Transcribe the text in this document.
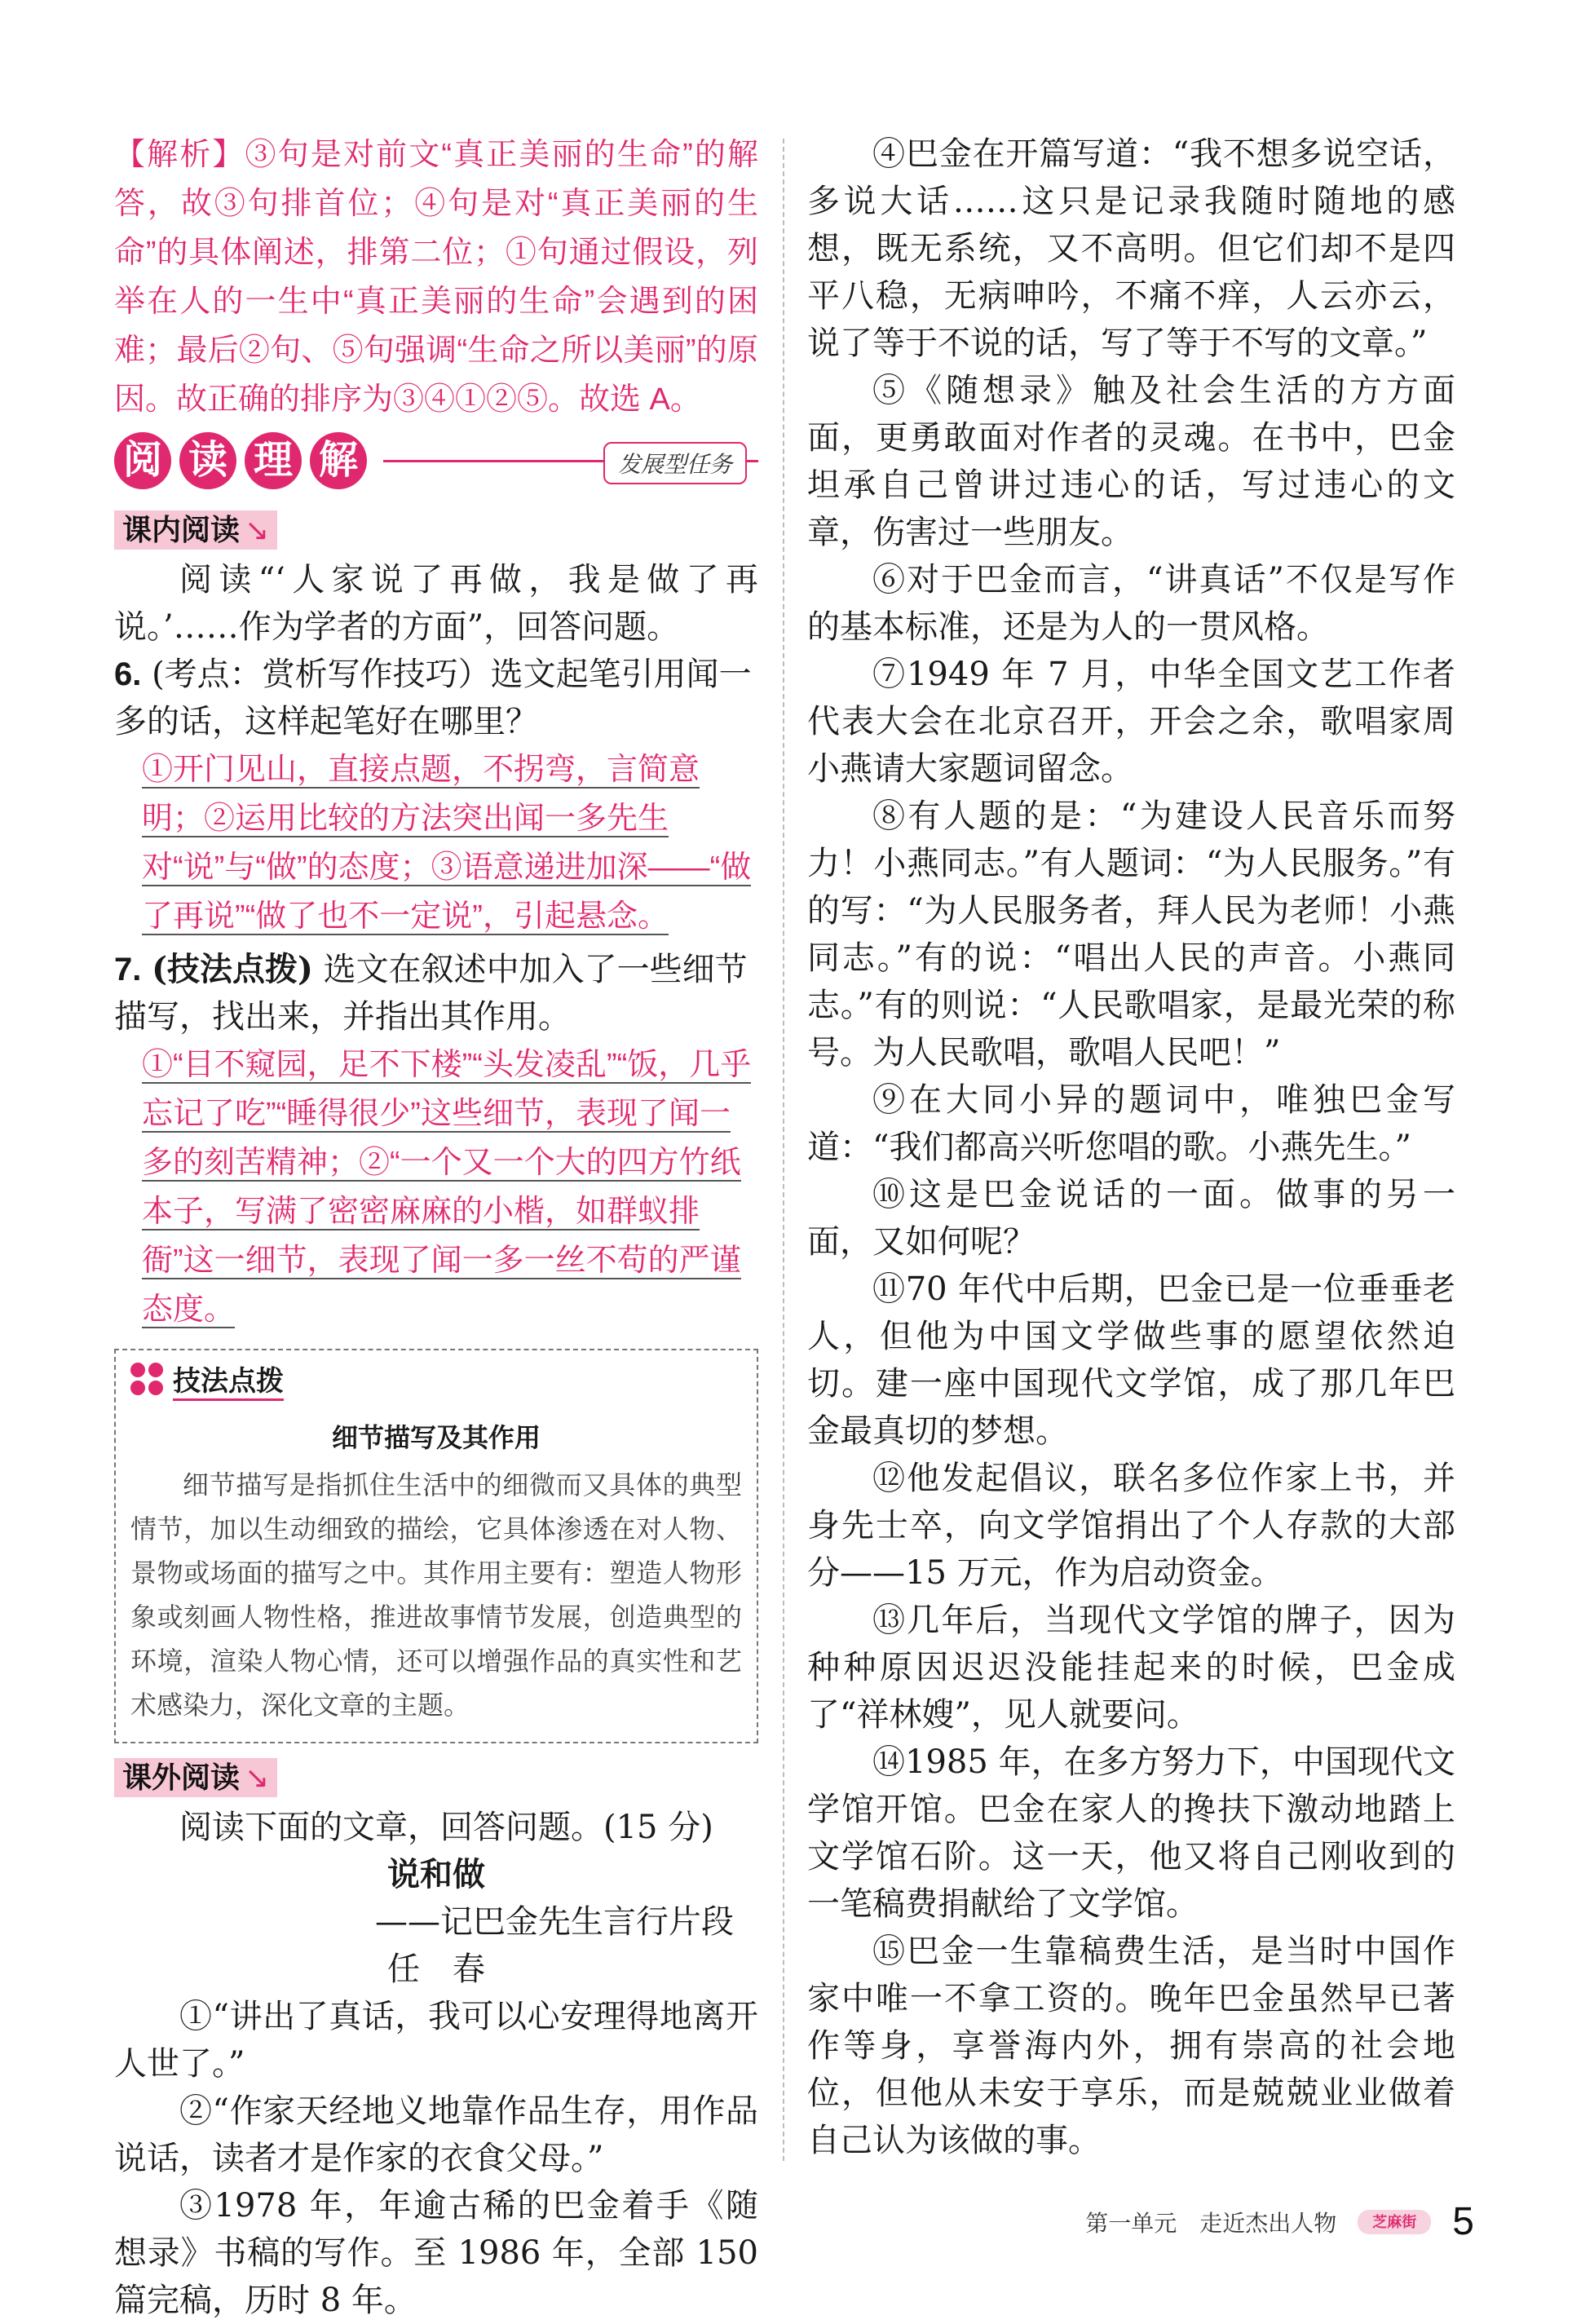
【解析】③句是对前文“真正美丽的生命”的解答，故③句排首位；④句是对“真正美丽的生命”的具体阐述，排第二位；①句通过假设，列举在人的一生中“真正美丽的生命”会遇到的困难；最后②句、⑤句强调“生命之所以美丽”的原因。故正确的排序为③④①②⑤。故选 A。

阅 读 理 解	发展型任务
课内阅读 ↘

阅读“‘人家说了再做，我是做了再说。’……作为学者的方面”，回答问题。

6. (考点：赏析写作技巧）选文起笔引用闻一多的话，这样起笔好在哪里？

①开门见山，直接点题，不拐弯，言简意明；②运用比较的方法突出闻一多先生对“说”与“做”的态度；③语意递进加深——“做了再说”“做了也不一定说”，引起悬念。

7. (技法点拨) 选文在叙述中加入了一些细节描写，找出来，并指出其作用。

①“目不窥园，足不下楼”“头发凌乱”“饭，几乎忘记了吃”“睡得很少”这些细节，表现了闻一多的刻苦精神；②“一个又一个大的四方竹纸本子，写满了密密麻麻的小楷，如群蚁排衙”这一细节，表现了闻一多一丝不苟的严谨态度。

技法点拨
细节描写及其作用

细节描写是指抓住生活中的细微而又具体的典型情节，加以生动细致的描绘，它具体渗透在对人物、景物或场面的描写之中。其作用主要有：塑造人物形象或刻画人物性格，推进故事情节发展，创造典型的环境，渲染人物心情，还可以增强作品的真实性和艺术感染力，深化文章的主题。

课外阅读 ↘

阅读下面的文章，回答问题。(15 分)

说和做
——记巴金先生言行片段
任　春

①“讲出了真话，我可以心安理得地离开人世了。”

②“作家天经地义地靠作品生存，用作品说话，读者才是作家的衣食父母。”

③1978 年，年逾古稀的巴金着手《随想录》书稿的写作。至 1986 年，全部 150 篇完稿，历时 8 年。

④巴金在开篇写道：“我不想多说空话，多说大话……这只是记录我随时随地的感想，既无系统，又不高明。但它们却不是四平八稳，无病呻吟，不痛不痒，人云亦云，说了等于不说的话，写了等于不写的文章。”

⑤《随想录》触及社会生活的方方面面，更勇敢面对作者的灵魂。在书中，巴金坦承自己曾讲过违心的话，写过违心的文章，伤害过一些朋友。

⑥对于巴金而言，“讲真话”不仅是写作的基本标准，还是为人的一贯风格。

⑦1949 年 7 月，中华全国文艺工作者代表大会在北京召开，开会之余，歌唱家周小燕请大家题词留念。

⑧有人题的是：“为建设人民音乐而努力！小燕同志。”有人题词：“为人民服务。”有的写：“为人民服务者，拜人民为老师！小燕同志。”有的说：“唱出人民的声音。小燕同志。”有的则说：“人民歌唱家，是最光荣的称号。为人民歌唱，歌唱人民吧！”

⑨在大同小异的题词中，唯独巴金写道：“我们都高兴听您唱的歌。小燕先生。”

⑩这是巴金说话的一面。做事的另一面，又如何呢？

⑪70 年代中后期，巴金已是一位垂垂老人，但他为中国文学做些事的愿望依然迫切。建一座中国现代文学馆，成了那几年巴金最真切的梦想。

⑫他发起倡议，联名多位作家上书，并身先士卒，向文学馆捐出了个人存款的大部分——15 万元，作为启动资金。

⑬几年后，当现代文学馆的牌子，因为种种原因迟迟没能挂起来的时候，巴金成了“祥林嫂”，见人就要问。

⑭1985 年，在多方努力下，中国现代文学馆开馆。巴金在家人的搀扶下激动地踏上文学馆石阶。这一天，他又将自己刚收到的一笔稿费捐献给了文学馆。

⑮巴金一生靠稿费生活，是当时中国作家中唯一不拿工资的。晚年巴金虽然早已著作等身，享誉海内外，拥有崇高的社会地位，但他从未安于享乐，而是兢兢业业做着自己认为该做的事。

第一单元　走近杰出人物	芝麻街 5
